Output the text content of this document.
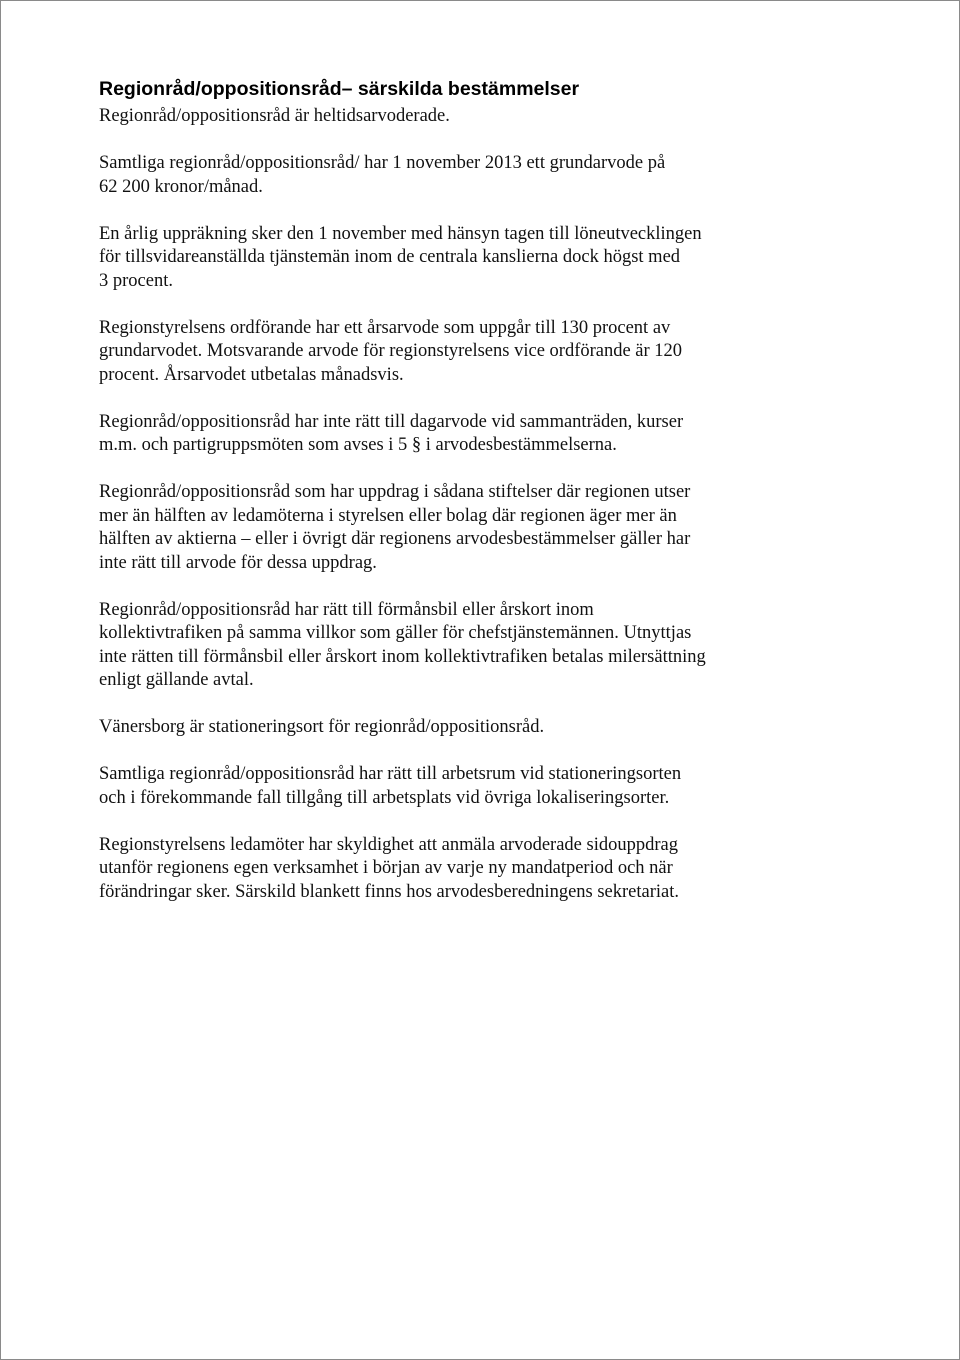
Regionråd/oppositionsråd– särskilda bestämmelser
Regionråd/oppositionsråd är heltidsarvoderade.
Samtliga regionråd/oppositionsråd/ har 1 november 2013 ett grundarvode på
62 200 kronor/månad.
En årlig uppräkning sker den 1 november med hänsyn tagen till löneutvecklingen
för tillsvidareanställda tjänstemän inom de centrala kanslierna dock högst med
3 procent.
Regionstyrelsens ordförande har ett årsarvode som uppgår till 130 procent av
grundarvodet. Motsvarande arvode för regionstyrelsens vice ordförande är 120
procent. Årsarvodet utbetalas månadsvis.
Regionråd/oppositionsråd har inte rätt till dagarvode vid sammanträden, kurser
m.m. och partigruppsmöten som avses i 5 § i arvodesbestämmelserna.
Regionråd/oppositionsråd som har uppdrag i sådana stiftelser där regionen utser
mer än hälften av ledamöterna i styrelsen eller bolag där regionen äger mer än
hälften av aktierna – eller i övrigt där regionens arvodesbestämmelser gäller har
inte rätt till arvode för dessa uppdrag.
Regionråd/oppositionsråd har rätt till förmånsbil eller årskort inom
kollektivtrafiken på samma villkor som gäller för chefstjänstemännen. Utnyttjas
inte rätten till förmånsbil eller årskort inom kollektivtrafiken betalas milersättning
enligt gällande avtal.
Vänersborg är stationeringsort för regionråd/oppositionsråd.
Samtliga regionråd/oppositionsråd har rätt till arbetsrum vid stationeringsorten
och i förekommande fall tillgång till arbetsplats vid övriga lokaliseringsorter.
Regionstyrelsens ledamöter har skyldighet att anmäla arvoderade sidouppdrag
utanför regionens egen verksamhet i början av varje ny mandatperiod och när
förändringar sker. Särskild blankett finns hos arvodesberedningens sekretariat.
